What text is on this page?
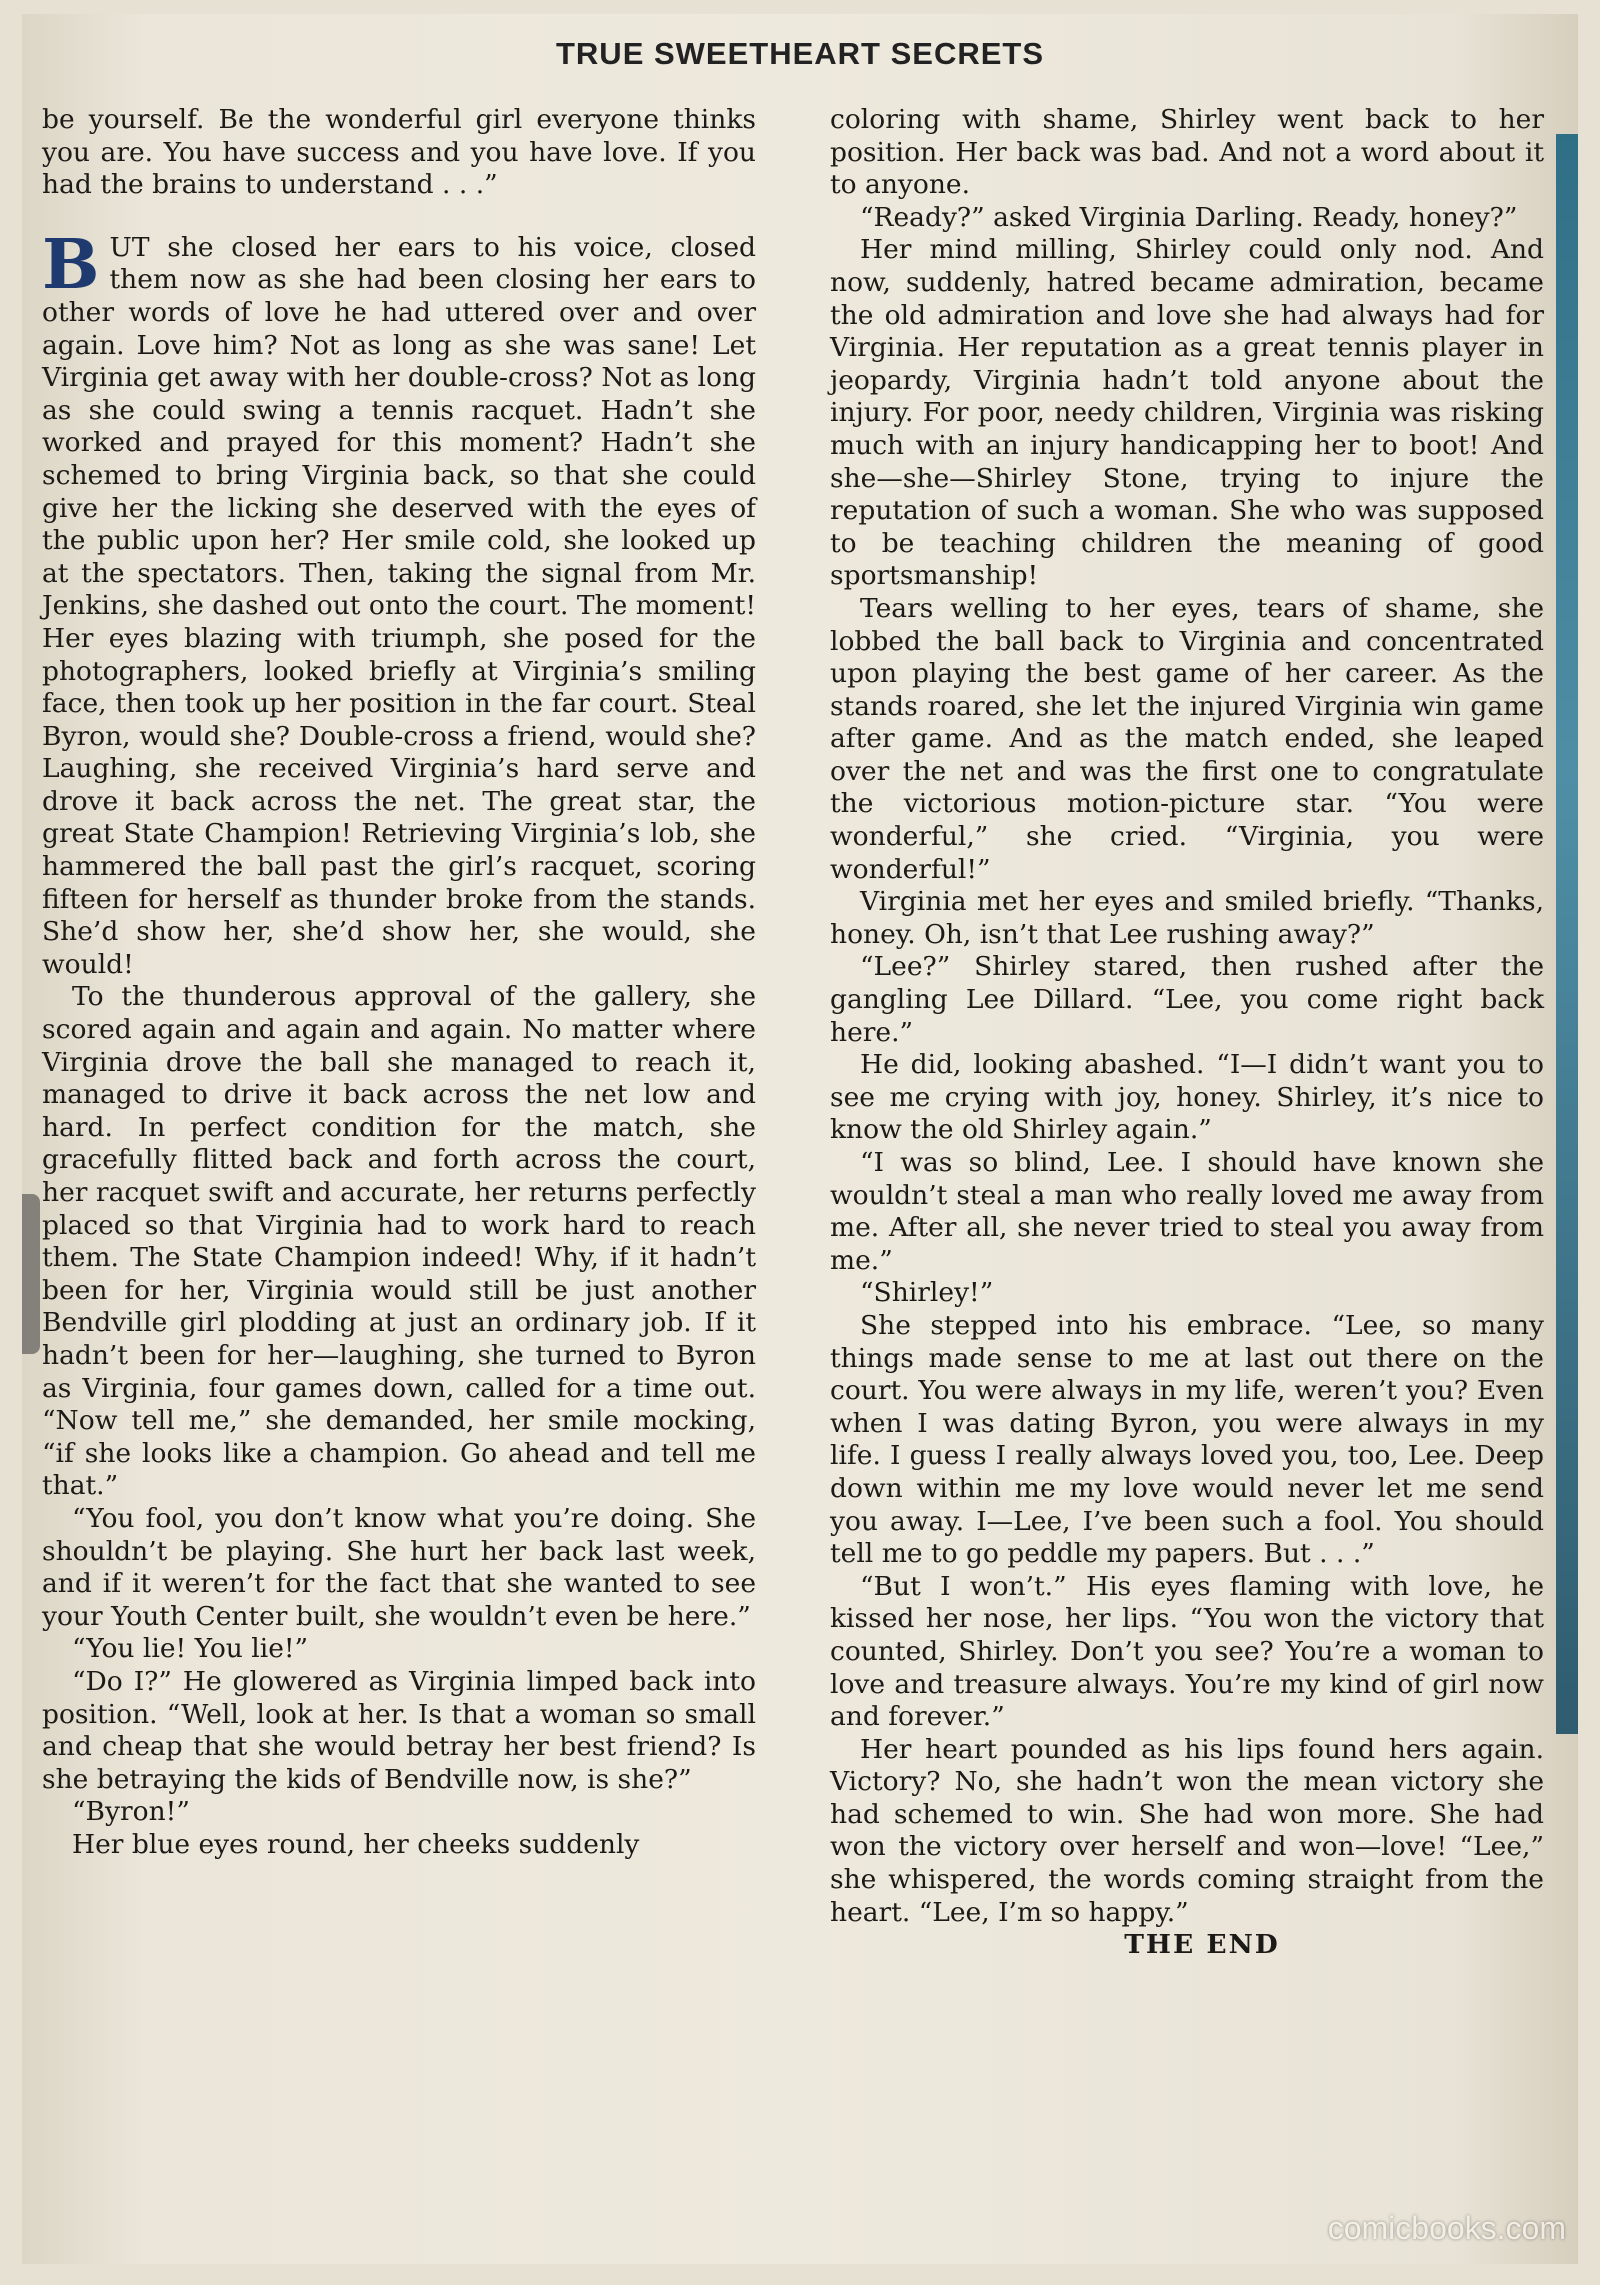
TRUE SWEETHEART SECRETS

be yourself. Be the wonderful girl everyone thinks you are. You have success and you have love. If you had the brains to understand . . .”

BUT she closed her ears to his voice, closed them now as she had been closing her ears to other words of love he had uttered over and over again. Love him? Not as long as she was sane! Let Virginia get away with her double-cross? Not as long as she could swing a tennis racquet. Hadn’t she worked and prayed for this moment? Hadn’t she schemed to bring Virginia back, so that she could give her the licking she deserved with the eyes of the public upon her? Her smile cold, she looked up at the spectators. Then, taking the signal from Mr. Jenkins, she dashed out onto the court. The moment! Her eyes blazing with triumph, she posed for the photographers, looked briefly at Virginia’s smiling face, then took up her position in the far court. Steal Byron, would she? Double-cross a friend, would she? Laughing, she received Virginia’s hard serve and drove it back across the net. The great star, the great State Champion! Retrieving Virginia’s lob, she hammered the ball past the girl’s racquet, scoring fifteen for herself as thunder broke from the stands. She’d show her, she’d show her, she would, she would!

To the thunderous approval of the gallery, she scored again and again and again. No matter where Virginia drove the ball she managed to reach it, managed to drive it back across the net low and hard. In perfect condition for the match, she gracefully flitted back and forth across the court, her racquet swift and accurate, her returns perfectly placed so that Virginia had to work hard to reach them. The State Champion indeed! Why, if it hadn’t been for her, Virginia would still be just another Bendville girl plodding at just an ordinary job. If it hadn’t been for her—laughing, she turned to Byron as Virginia, four games down, called for a time out. “Now tell me,” she demanded, her smile mocking, “if she looks like a champion. Go ahead and tell me that.”

“You fool, you don’t know what you’re doing. She shouldn’t be playing. She hurt her back last week, and if it weren’t for the fact that she wanted to see your Youth Center built, she wouldn’t even be here.”

“You lie! You lie!”

“Do I?” He glowered as Virginia limped back into position. “Well, look at her. Is that a woman so small and cheap that she would betray her best friend? Is she betraying the kids of Bendville now, is she?”

“Byron!”

Her blue eyes round, her cheeks suddenly

coloring with shame, Shirley went back to her position. Her back was bad. And not a word about it to anyone.

“Ready?” asked Virginia Darling. Ready, honey?”

Her mind milling, Shirley could only nod. And now, suddenly, hatred became admiration, became the old admiration and love she had always had for Virginia. Her reputation as a great tennis player in jeopardy, Virginia hadn’t told anyone about the injury. For poor, needy children, Virginia was risking much with an injury handicapping her to boot! And she—she—Shirley Stone, trying to injure the reputation of such a woman. She who was supposed to be teaching children the meaning of good sportsmanship!

Tears welling to her eyes, tears of shame, she lobbed the ball back to Virginia and concentrated upon playing the best game of her career. As the stands roared, she let the injured Virginia win game after game. And as the match ended, she leaped over the net and was the first one to congratulate the victorious motion-picture star. “You were wonderful,” she cried. “Virginia, you were wonderful!”

Virginia met her eyes and smiled briefly. “Thanks, honey. Oh, isn’t that Lee rushing away?”

“Lee?” Shirley stared, then rushed after the gangling Lee Dillard. “Lee, you come right back here.”

He did, looking abashed. “I—I didn’t want you to see me crying with joy, honey. Shirley, it’s nice to know the old Shirley again.”

“I was so blind, Lee. I should have known she wouldn’t steal a man who really loved me away from me. After all, she never tried to steal you away from me.”

“Shirley!”

She stepped into his embrace. “Lee, so many things made sense to me at last out there on the court. You were always in my life, weren’t you? Even when I was dating Byron, you were always in my life. I guess I really always loved you, too, Lee. Deep down within me my love would never let me send you away. I—Lee, I’ve been such a fool. You should tell me to go peddle my papers. But . . .”

“But I won’t.” His eyes flaming with love, he kissed her nose, her lips. “You won the victory that counted, Shirley. Don’t you see? You’re a woman to love and treasure always. You’re my kind of girl now and forever.”

Her heart pounded as his lips found hers again. Victory? No, she hadn’t won the mean victory she had schemed to win. She had won more. She had won the victory over herself and won—love! “Lee,” she whispered, the words coming straight from the heart. “Lee, I’m so happy.”

THE END

comicbooks.com
